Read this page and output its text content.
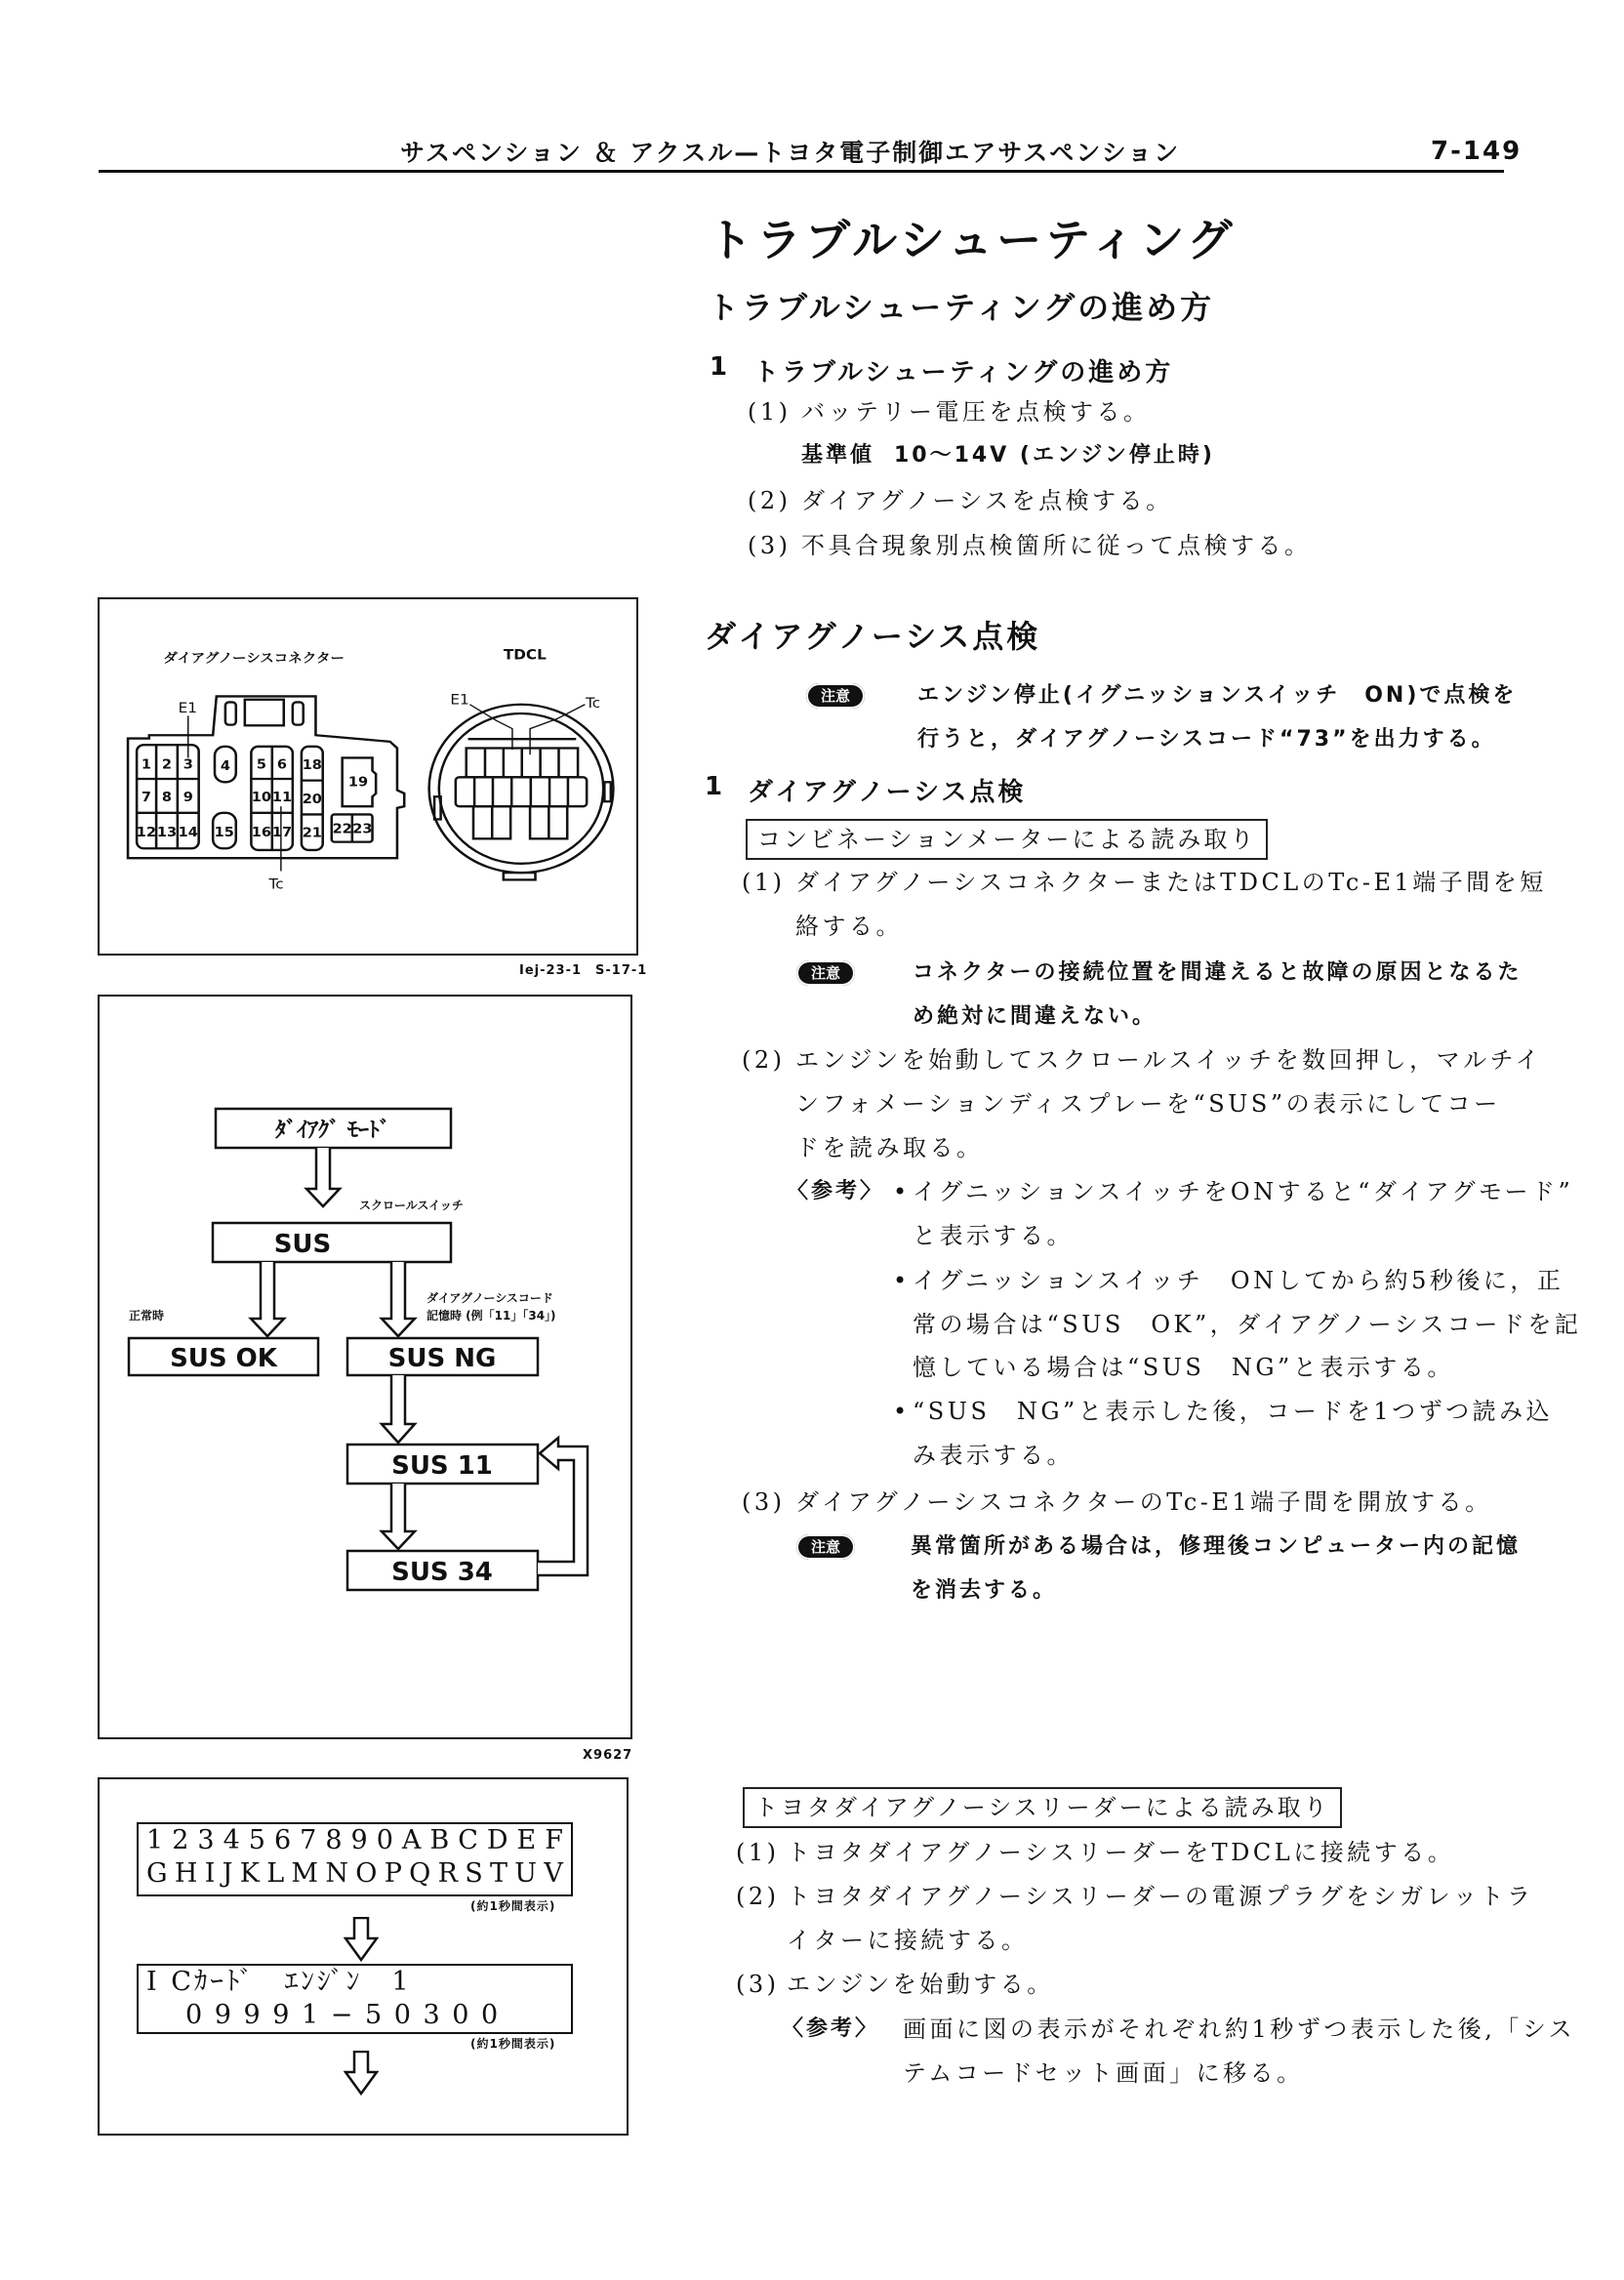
サスペンション ＆ アクスル—トヨタ電子制御エアサスペンション	7-149
トラブルシューティング
トラブルシューティングの進め方
1 トラブルシューティングの進め方
(1) バッテリー電圧を点検する。
基準値 10〜14V (エンジン停止時)
(2) ダイアグノーシスを点検する。
(3) 不具合現象別点検箇所に従って点検する。
ダイアグノーシス点検
注意	エンジン停止(イグニッションスイッチ　ON)で点検を
行うと，ダイアグノーシスコード“73”を出力する。
1 ダイアグノーシス点検
コンビネーションメーターによる読み取り
(1) ダイアグノーシスコネクターまたはTDCLのTc-E1端子間を短
絡する。
注意	コネクターの接続位置を間違えると故障の原因となるた
め絶対に間違えない。
(2) エンジンを始動してスクロールスイッチを数回押し，マルチイ
ンフォメーションディスプレーを“SUS”の表示にしてコー
ドを読み取る。
〈参考〉 • イグニッションスイッチをONすると“ダイアグモード”
と表示する。
• イグニッションスイッチ　ONしてから約5秒後に，正
常の場合は“SUS　OK”，ダイアグノーシスコードを記
憶している場合は“SUS　NG”と表示する。
• “SUS　NG”と表示した後，コードを1つずつ読み込
み表示する。
(3) ダイアグノーシスコネクターのTc-E1端子間を開放する。
注意	異常箇所がある場合は，修理後コンピューター内の記憶
を消去する。
トヨタダイアグノーシスリーダーによる読み取り
(1) トヨタダイアグノーシスリーダーをTDCLに接続する。
(2) トヨタダイアグノーシスリーダーの電源プラグをシガレットラ
イターに接続する。
(3) エンジンを始動する。
〈参考〉 画面に図の表示がそれぞれ約1秒ずつ表示した後,「シス
テムコードセット画面」に移る。
1 2 3 4 5 6
7 8 9 10 11
12 13 14 15 16 17
18
19
20
21 22 23
ダイアグノーシスコネクター	TDCL
E1
Tc
E1	Tc
Iej-23-1　S-17-1
ﾀﾞｲｱｸﾞ ﾓｰﾄﾞ
SUS
SUS OK	SUS NG
SUS 11
SUS 34
スクロールスイッチ
正常時
ダイアグノーシスコード
記憶時 (例「11」「34」)
X9627
1 2 3 4 5 6 7 8 9 0 A B C D E F
G H I J K L M N O P Q R S T U V
(約1秒間表示)
I Cｶｰﾄﾞ　ｴﾝｼﾞﾝ　1
0 9 9 9 1 − 5 0 3 0 0
(約1秒間表示)
